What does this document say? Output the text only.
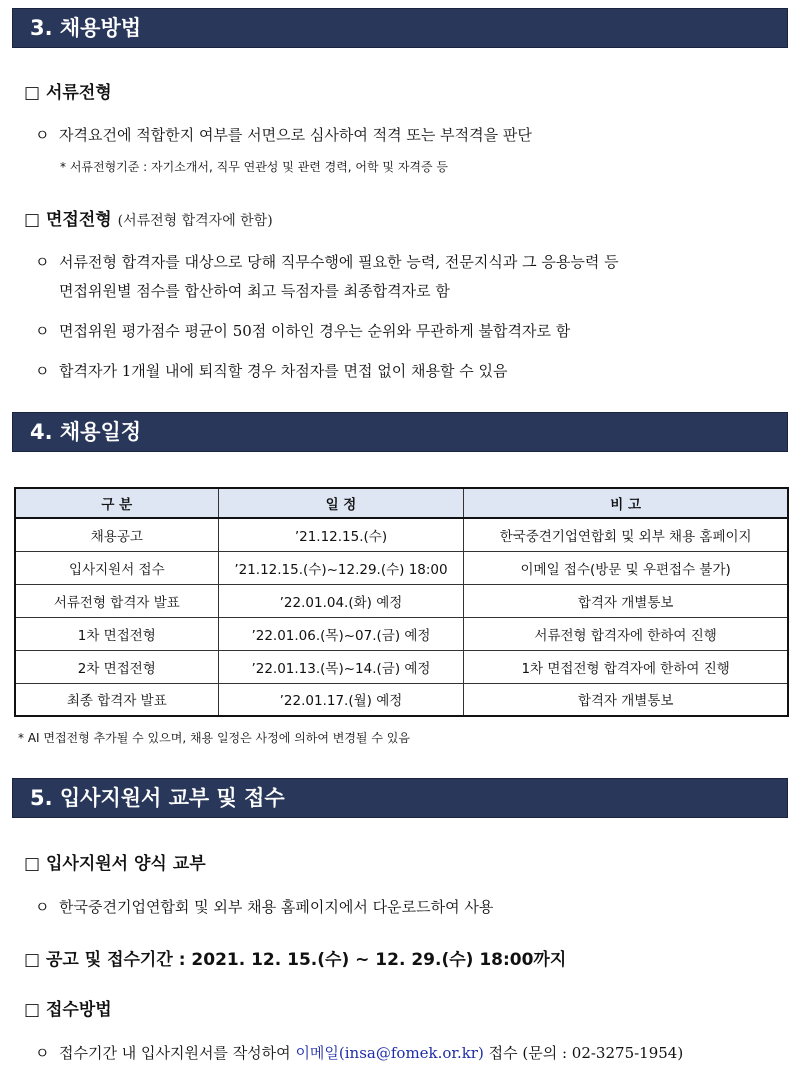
3. 채용방법
□ 서류전형
ㅇ 자격요건에 적합한지 여부를 서면으로 심사하여 적격 또는 부적격을 판단
* 서류전형기준 : 자기소개서, 직무 연관성 및 관련 경력, 어학 및 자격증 등
□ 면접전형 (서류전형 합격자에 한함)
ㅇ 서류전형 합격자를 대상으로 당해 직무수행에 필요한 능력, 전문지식과 그 응용능력 등
면접위원별 점수를 합산하여 최고 득점자를 최종합격자로 함
ㅇ 면접위원 평가점수 평균이 50점 이하인 경우는 순위와 무관하게 불합격자로 함
ㅇ 합격자가 1개월 내에 퇴직할 경우 차점자를 면접 없이 채용할 수 있음
4. 채용일정
구 분	일 정	비 고
채용공고	’21.12.15.(수)	한국중견기업연합회 및 외부 채용 홈페이지
입사지원서 접수	’21.12.15.(수)~12.29.(수) 18:00	이메일 접수(방문 및 우편접수 불가)
서류전형 합격자 발표	’22.01.04.(화) 예정	합격자 개별통보
1차 면접전형	’22.01.06.(목)~07.(금) 예정	서류전형 합격자에 한하여 진행
2차 면접전형	’22.01.13.(목)~14.(금) 예정	1차 면접전형 합격자에 한하여 진행
최종 합격자 발표	’22.01.17.(월) 예정	합격자 개별통보
* AI 면접전형 추가될 수 있으며, 채용 일정은 사정에 의하여 변경될 수 있음
5. 입사지원서 교부 및 접수
□ 입사지원서 양식 교부
ㅇ 한국중견기업연합회 및 외부 채용 홈페이지에서 다운로드하여 사용
□ 공고 및 접수기간 : 2021. 12. 15.(수) ~ 12. 29.(수) 18:00까지
□ 접수방법
ㅇ 접수기간 내 입사지원서를 작성하여 이메일(insa@fomek.or.kr) 접수 (문의 : 02-3275-1954)
